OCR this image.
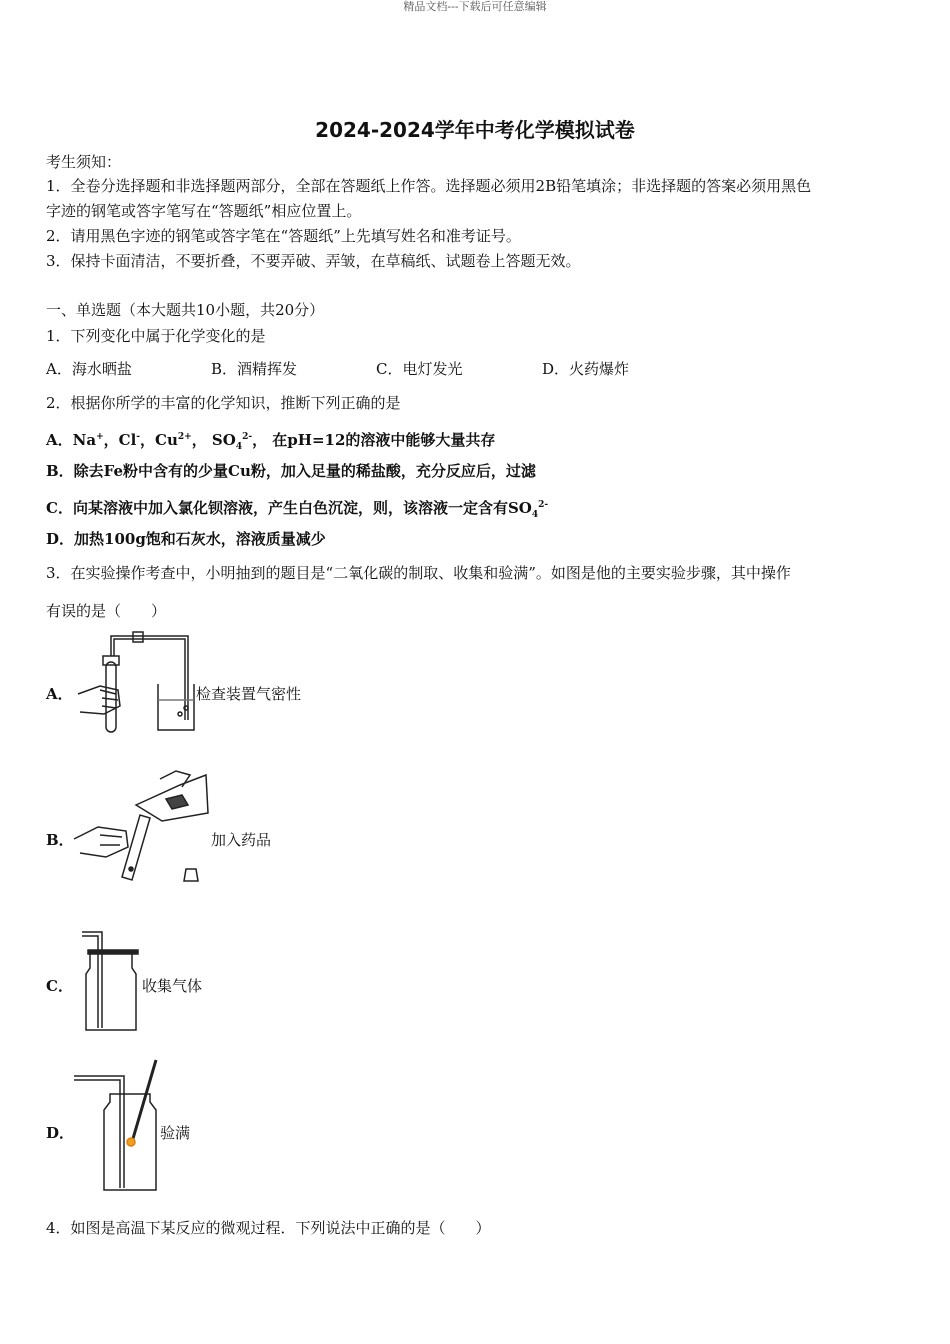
精品文档---下载后可任意编辑
2024-2024学年中考化学模拟试卷
考生须知：
1．全卷分选择题和非选择题两部分，全部在答题纸上作答。选择题必须用2B铅笔填涂；非选择题的答案必须用黑色
字迹的钢笔或答字笔写在“答题纸”相应位置上。
2．请用黑色字迹的钢笔或答字笔在“答题纸”上先填写姓名和准考证号。
3．保持卡面清洁，不要折叠，不要弄破、弄皱，在草稿纸、试题卷上答题无效。
一、单选题（本大题共10小题，共20分）
1．下列变化中属于化学变化的是
A．海水晒盐	B．酒精挥发	C．电灯发光	D．火药爆炸
2．根据你所学的丰富的化学知识，推断下列正确的是
A．Na+，Cl-，$Cu^{2+}$， $SO_4^{2-}$， 在pH=12的溶液中能够大量共存
B．除去Fe粉中含有的少量Cu粉，加入足量的稀盐酸，充分反应后，过滤
C．向某溶液中加入氯化钡溶液，产生白色沉淀，则，该溶液一定含有$SO_4^{2-}$
D．加热100g饱和石灰水，溶液质量减少
3．在实验操作考查中，小明抽到的题目是“二氧化碳的制取、收集和验满”。如图是他的主要实验步骤，其中操作
有误的是（　　）
A．	检查装置气密性
B．	加入药品
C．	收集气体
D．	验满
4．如图是高温下某反应的微观过程．下列说法中正确的是（　　）
